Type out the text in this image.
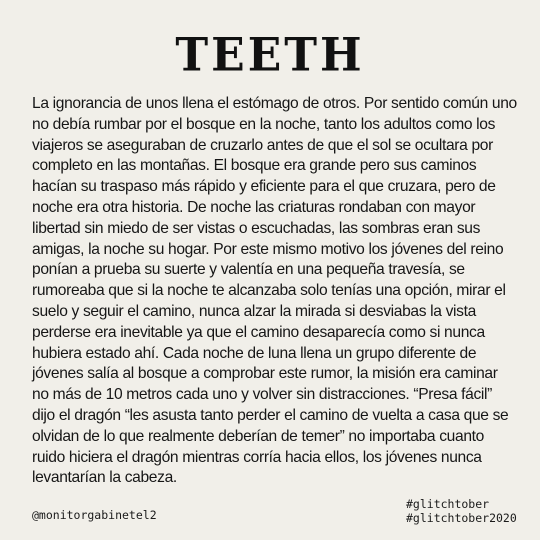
TEETH

La ignorancia de unos llena el estómago de otros. Por sentido común uno no debía rumbar por el bosque en la noche, tanto los adultos como los viajeros se aseguraban de cruzarlo antes de que el sol se ocultara por completo en las montañas. El bosque era grande pero sus caminos hacían su traspaso más rápido y eficiente para el que cruzara, pero de noche era otra historia. De noche las criaturas rondaban con mayor libertad sin miedo de ser vistas o escuchadas, las sombras eran sus amigas, la noche su hogar. Por este mismo motivo los jóvenes del reino ponían a prueba su suerte y valentía en una pequeña travesía, se rumoreaba que si la noche te alcanzaba solo tenías una opción, mirar el suelo y seguir el camino, nunca alzar la mirada si desviabas la vista perderse era inevitable ya que el camino desaparecía como si nunca hubiera estado ahí. Cada noche de luna llena un grupo diferente de jóvenes salía al bosque a comprobar este rumor, la misión era caminar no más de 10 metros cada uno y volver sin distracciones. “Presa fácil” dijo el dragón “les asusta tanto perder el camino de vuelta a casa que se olvidan de lo que realmente deberían de temer” no importaba cuanto ruido hiciera el dragón mientras corría hacia ellos, los jóvenes nunca levantarían la cabeza.

@monitorgabinetel2
#glitchtober
#glitchtober2020
